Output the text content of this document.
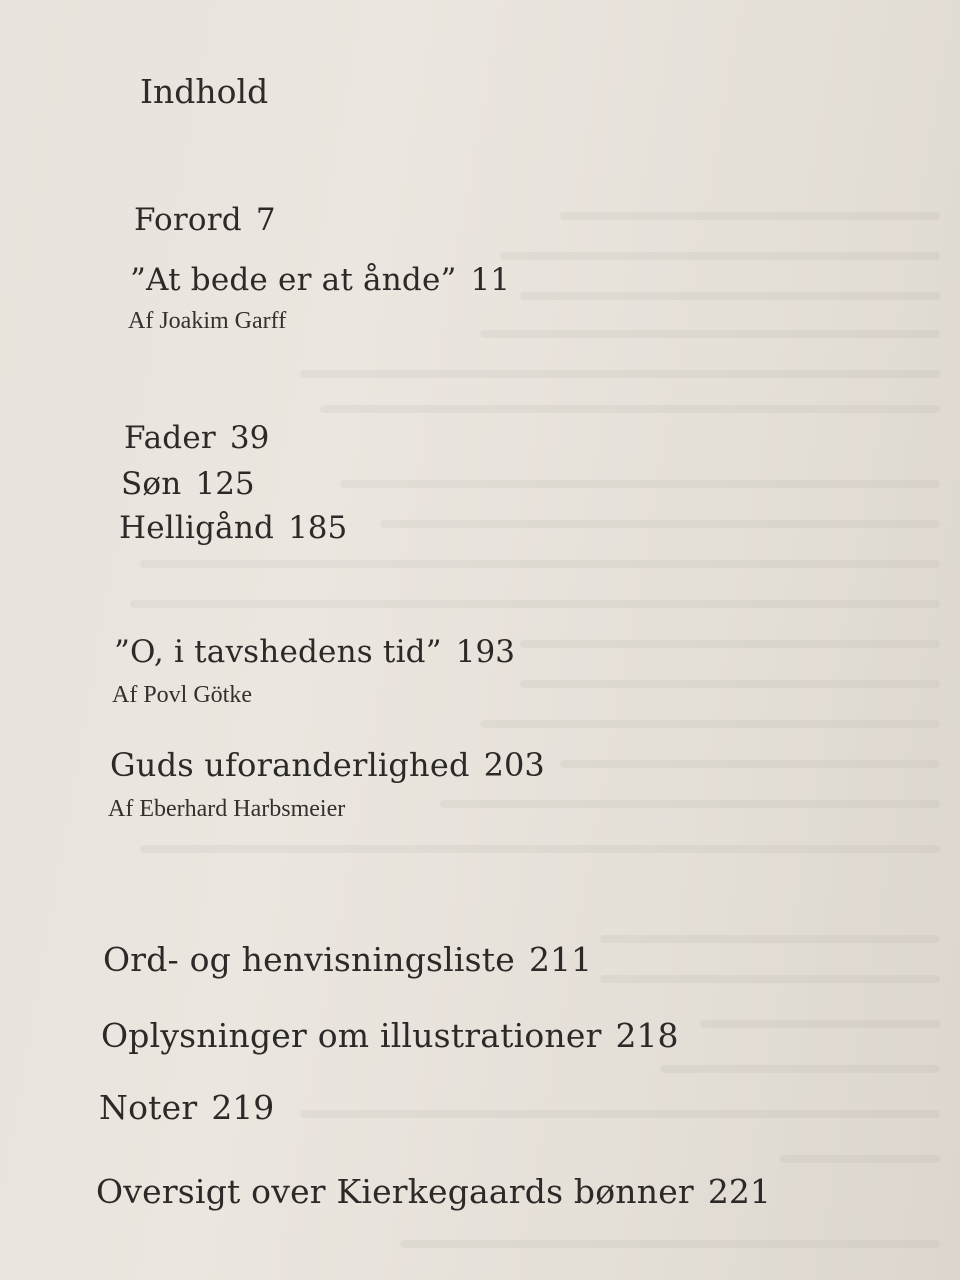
Indhold
Forord 7
”At bede er at ånde” 11
Af Joakim Garff
Fader 39
Søn 125
Helligånd 185
”O, i tavshedens tid” 193
Af Povl Götke
Guds uforanderlighed 203
Af Eberhard Harbsmeier
Ord- og henvisningsliste 211
Oplysninger om illustrationer 218
Noter 219
Oversigt over Kierkegaards bønner 221
